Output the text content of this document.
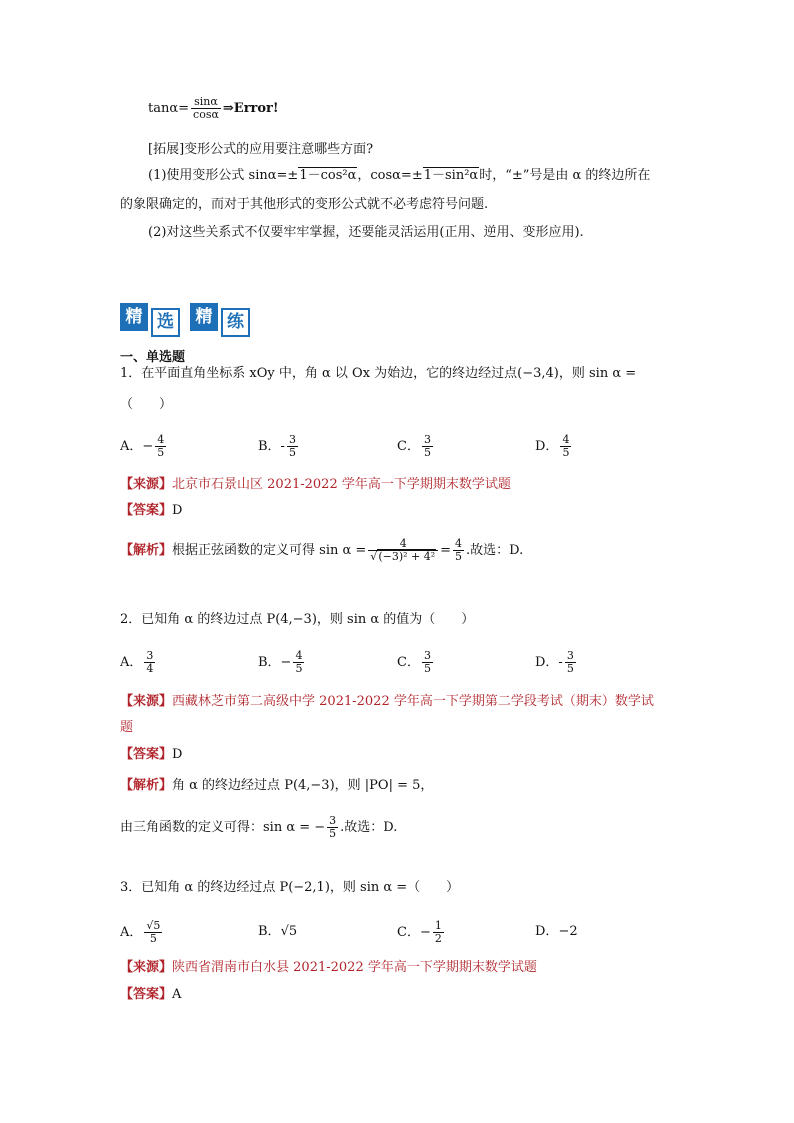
$\tan\alpha= \frac{\sin\alpha}{\cos\alpha}$ ⇒Error!
[拓展]变形公式的应用要注意哪些方面?
(1)使用变形公式 sinα=±1－cos²α，cosα=±1－sin²α时，“±”号是由 α 的终边所在
的象限确定的，而对于其他形式的变形公式就不必考虑符号问题.
(2)对这些关系式不仅要牢牢掌握，还要能灵活运用(正用、逆用、变形应用).
精 选	精 练
一、单选题
1．在平面直角坐标系 xOy 中，角 α 以 Ox 为始边，它的终边经过点(−3,4)，则 sin α =
（　　）
A．− $\frac{4}{5}$	B．- $\frac{3}{5}$	C． $\frac{3}{5}$	D． $\frac{4}{5}$
【来源】北京市石景山区 2021-2022 学年高一下学期期末数学试题
【答案】D
【解析】根据正弦函数的定义可得 $\sin \alpha = \frac{4}{\text{√(−3)² + 4²}} = \frac{4}{5}$ .故选：D.
2．已知角 α 的终边过点 P(4,−3)，则 sin α 的值为（　　）
A． $\frac{3}{4}$	B．− $\frac{4}{5}$	C． $\frac{3}{5}$	D．- $\frac{3}{5}$
【来源】西藏林芝市第二高级中学 2021-2022 学年高一下学期第二学段考试（期末）数学试
题
【答案】D
【解析】角 α 的终边经过点 P(4,−3)，则 |PO| = 5，
由三角函数的定义可得：sin α = − $\frac{3}{5}$ .故选：D.
3．已知角 α 的终边经过点 P(−2,1)，则 sin α =（　　）
A． $\frac{√5}{5}$	B．√5	C．− $\frac{1}{2}$	D．−2
【来源】陕西省渭南市白水县 2021-2022 学年高一下学期期末数学试题
【答案】A
